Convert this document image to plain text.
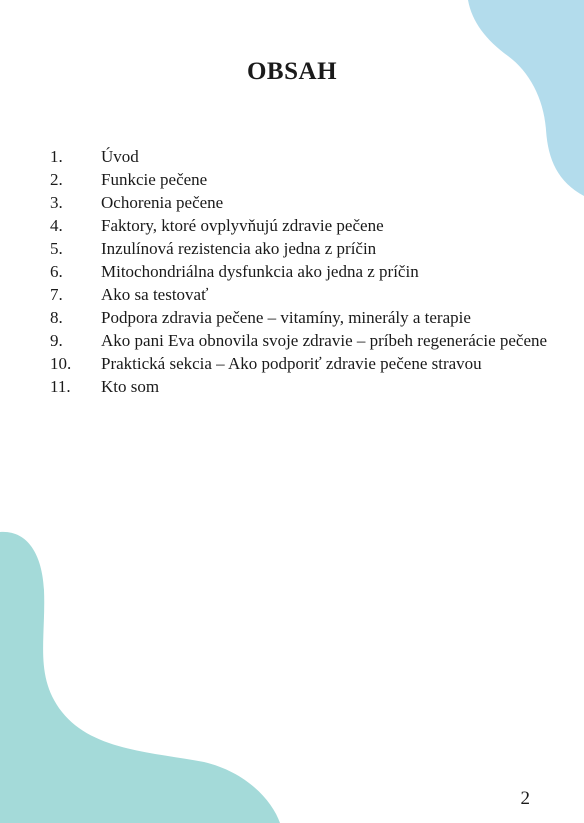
OBSAH
1.	Úvod
2.	Funkcie pečene
3.	Ochorenia pečene
4.	Faktory, ktoré ovplyvňujú zdravie pečene
5.	Inzulínová rezistencia ako jedna z príčin
6.	Mitochondriálna dysfunkcia ako jedna z príčin
7.	Ako sa testovať
8.	Podpora zdravia pečene – vitamíny, minerály a terapie
9.	Ako pani Eva obnovila svoje zdravie – príbeh regenerácie pečene
10.	Praktická sekcia – Ako podporiť zdravie pečene stravou
11.	Kto som
2
